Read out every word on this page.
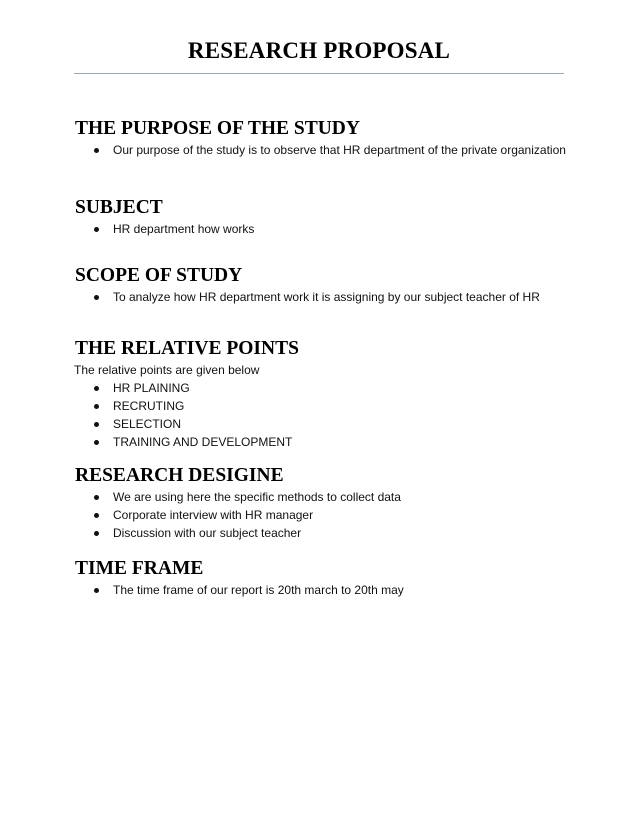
RESEARCH PROPOSAL
THE PURPOSE OF THE STUDY
Our purpose of the study is to observe that HR department of the private organization
SUBJECT
HR department how works
SCOPE OF STUDY
To analyze how HR department work it is assigning by our subject teacher of HR
THE RELATIVE POINTS

The relative points are given below

HR PLAINING
RECRUTING
SELECTION
TRAINING AND DEVELOPMENT
RESEARCH DESIGINE
We are using here the specific methods to collect data
Corporate interview with HR manager
Discussion with our subject teacher
TIME FRAME
The time frame of our report is 20th march to 20th may
